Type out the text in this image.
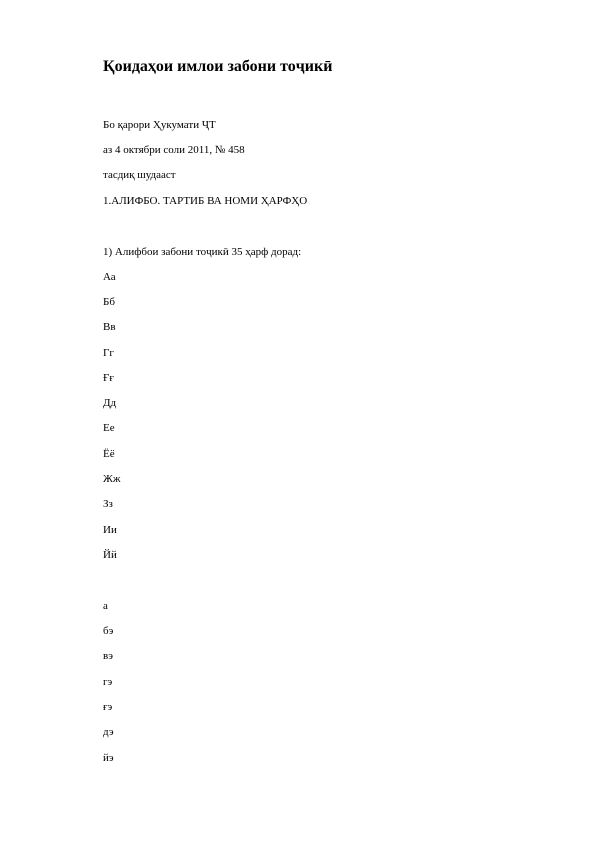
Қоидаҳои имлои забони тоҷикӣ
Бо қарори Ҳукумати ҶТ
аз 4 октябри соли 2011, № 458
тасдиқ шудааст
1.АЛИФБО. ТАРТИБ ВА НОМИ ҲАРФҲО
1) Алифбои забони тоҷикӣ 35 ҳарф дорад:
Аа
Бб
Вв
Гг
Ғғ
Дд
Ее
Ёё
Жж
Зз
Ии
Йй
а
бэ
вэ
гэ
ғэ
дэ
йэ
